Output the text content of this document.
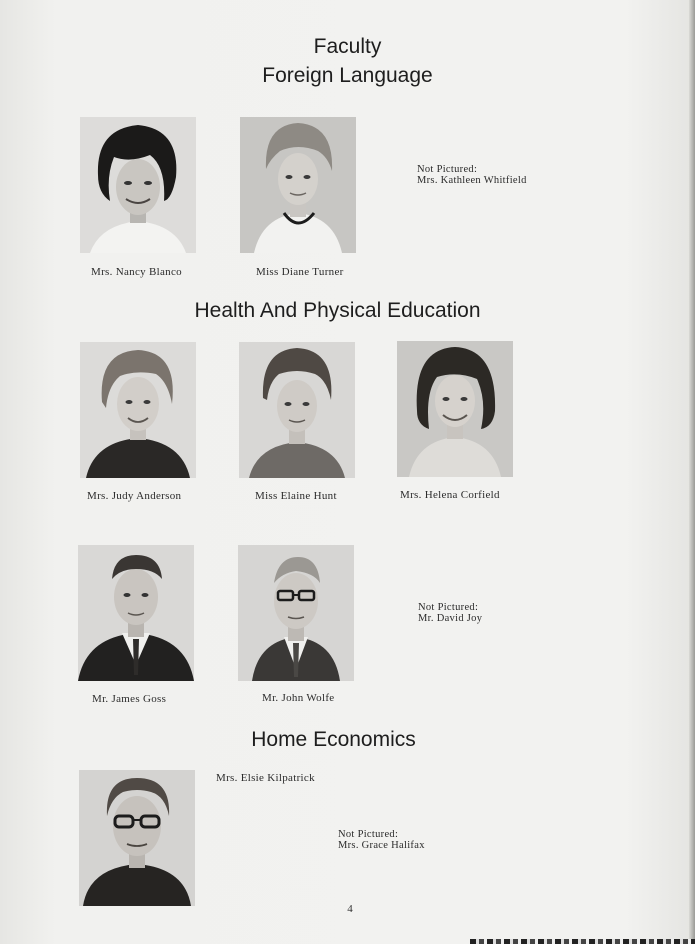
Faculty
Foreign Language
Health And Physical Education
Home Economics
Mrs. Nancy Blanco	Miss Diane Turner
Not Pictured:
Mrs. Kathleen Whitfield
Mrs. Judy Anderson	Miss Elaine Hunt	Mrs. Helena Corfield
Mr. James Goss	Mr. John Wolfe
Not Pictured:
Mr. David Joy
Mrs. Elsie Kilpatrick
Not Pictured:
Mrs. Grace Halifax
4
